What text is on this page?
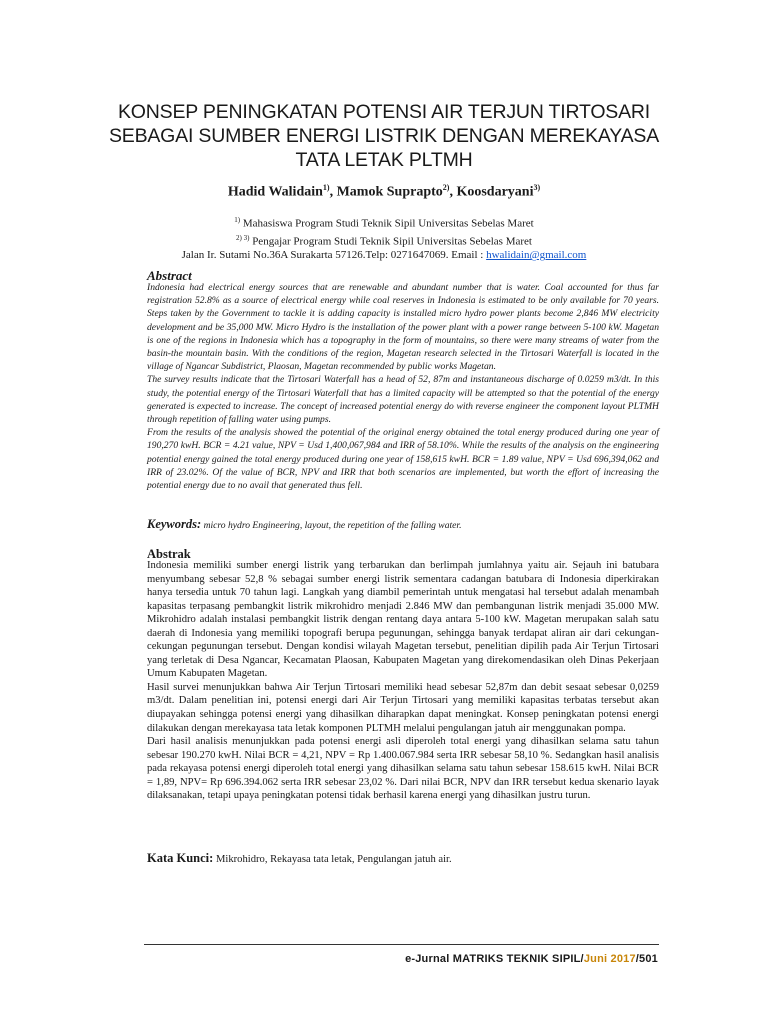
KONSEP PENINGKATAN POTENSI AIR TERJUN TIRTOSARI
SEBAGAI SUMBER ENERGI LISTRIK DENGAN MEREKAYASA
TATA LETAK PLTMH
Hadid Walidain$^{1)}$, Mamok Suprapto$^{2)}$, Koosdaryani$^{3)}$
$^{1)}$ Mahasiswa Program Studi Teknik Sipil Universitas Sebelas Maret
$^{2) 3)}$ Pengajar Program Studi Teknik Sipil Universitas Sebelas Maret
Jalan Ir. Sutami No.36A Surakarta 57126.Telp: 0271647069. Email : hwalidain@gmail.com
Abstract

Indonesia had electrical energy sources that are renewable and abundant number that is water. Coal accounted for thus far registration 52.8% as a source of electrical energy while coal reserves in Indonesia is estimated to be only available for 70 years. Steps taken by the Government to tackle it is adding capacity is installed micro hydro power plants become 2,846 MW electricity development and be 35,000 MW. Micro Hydro is the installation of the power plant with a power range between 5-100 kW. Magetan is one of the regions in Indonesia which has a topography in the form of mountains, so there were many streams of water from the basin-the mountain basin. With the conditions of the region, Magetan research selected in the Tirtosari Waterfall is located in the village of Ngancar Subdistrict, Plaosan, Magetan recommended by public works Magetan.

The survey results indicate that the Tirtosari Waterfall has a head of 52, 87m and instantaneous discharge of 0.0259 m3/dt. In this study, the potential energy of the Tirtosari Waterfall that has a limited capacity will be attempted so that the potential of the energy generated is expected to increase. The concept of increased potential energy do with reverse engineer the component layout PLTMH through repetition of falling water using pumps.

From the results of the analysis showed the potential of the original energy obtained the total energy produced during one year of 190,270 kwH. BCR = 4.21 value, NPV = Usd 1,400,067,984 and IRR of 58.10%. While the results of the analysis on the engineering potential energy gained the total energy produced during one year of 158,615 kwH. BCR = 1.89 value, NPV = Usd 696,394,062 and IRR of 23.02%. Of the value of BCR, NPV and IRR that both scenarios are implemented, but worth the effort of increasing the potential energy due to no avail that generated thus fell.

Keywords: micro hydro Engineering, layout, the repetition of the falling water.
Abstrak

Indonesia memiliki sumber energi listrik yang terbarukan dan berlimpah jumlahnya yaitu air. Sejauh ini batubara menyumbang sebesar 52,8 % sebagai sumber energi listrik sementara cadangan batubara di Indonesia diperkirakan hanya tersedia untuk 70 tahun lagi. Langkah yang diambil pemerintah untuk mengatasi hal tersebut adalah menambah kapasitas terpasang pembangkit listrik mikrohidro menjadi 2.846 MW dan pembangunan listrik menjadi 35.000 MW. Mikrohidro adalah instalasi pembangkit listrik dengan rentang daya antara 5-100 kW. Magetan merupakan salah satu daerah di Indonesia yang memiliki topografi berupa pegunungan, sehingga banyak terdapat aliran air dari cekungan-cekungan pegunungan tersebut. Dengan kondisi wilayah Magetan tersebut, penelitian dipilih pada Air Terjun Tirtosari yang terletak di Desa Ngancar, Kecamatan Plaosan, Kabupaten Magetan yang direkomendasikan oleh Dinas Pekerjaan Umum Kabupaten Magetan.

Hasil survei menunjukkan bahwa Air Terjun Tirtosari memiliki head sebesar 52,87m dan debit sesaat sebesar 0,0259 m3/dt. Dalam penelitian ini, potensi energi dari Air Terjun Tirtosari yang memiliki kapasitas terbatas tersebut akan diupayakan sehingga potensi energi yang dihasilkan diharapkan dapat meningkat. Konsep peningkatan potensi energi dilakukan dengan merekayasa tata letak komponen PLTMH melalui pengulangan jatuh air menggunakan pompa.

Dari hasil analisis menunjukkan pada potensi energi asli diperoleh total energi yang dihasilkan selama satu tahun sebesar 190.270 kwH. Nilai BCR = 4,21, NPV = Rp 1.400.067.984 serta IRR sebesar 58,10 %. Sedangkan hasil analisis pada rekayasa potensi energi diperoleh total energi yang dihasilkan selama satu tahun sebesar 158.615 kwH. Nilai BCR = 1,89, NPV= Rp 696.394.062 serta IRR sebesar 23,02 %. Dari nilai BCR, NPV dan IRR tersebut kedua skenario layak dilaksanakan, tetapi upaya peningkatan potensi tidak berhasil karena energi yang dihasilkan justru turun.

Kata Kunci: Mikrohidro, Rekayasa tata letak, Pengulangan jatuh air.
e-Jurnal MATRIKS TEKNIK SIPIL/Juni 2017/501
